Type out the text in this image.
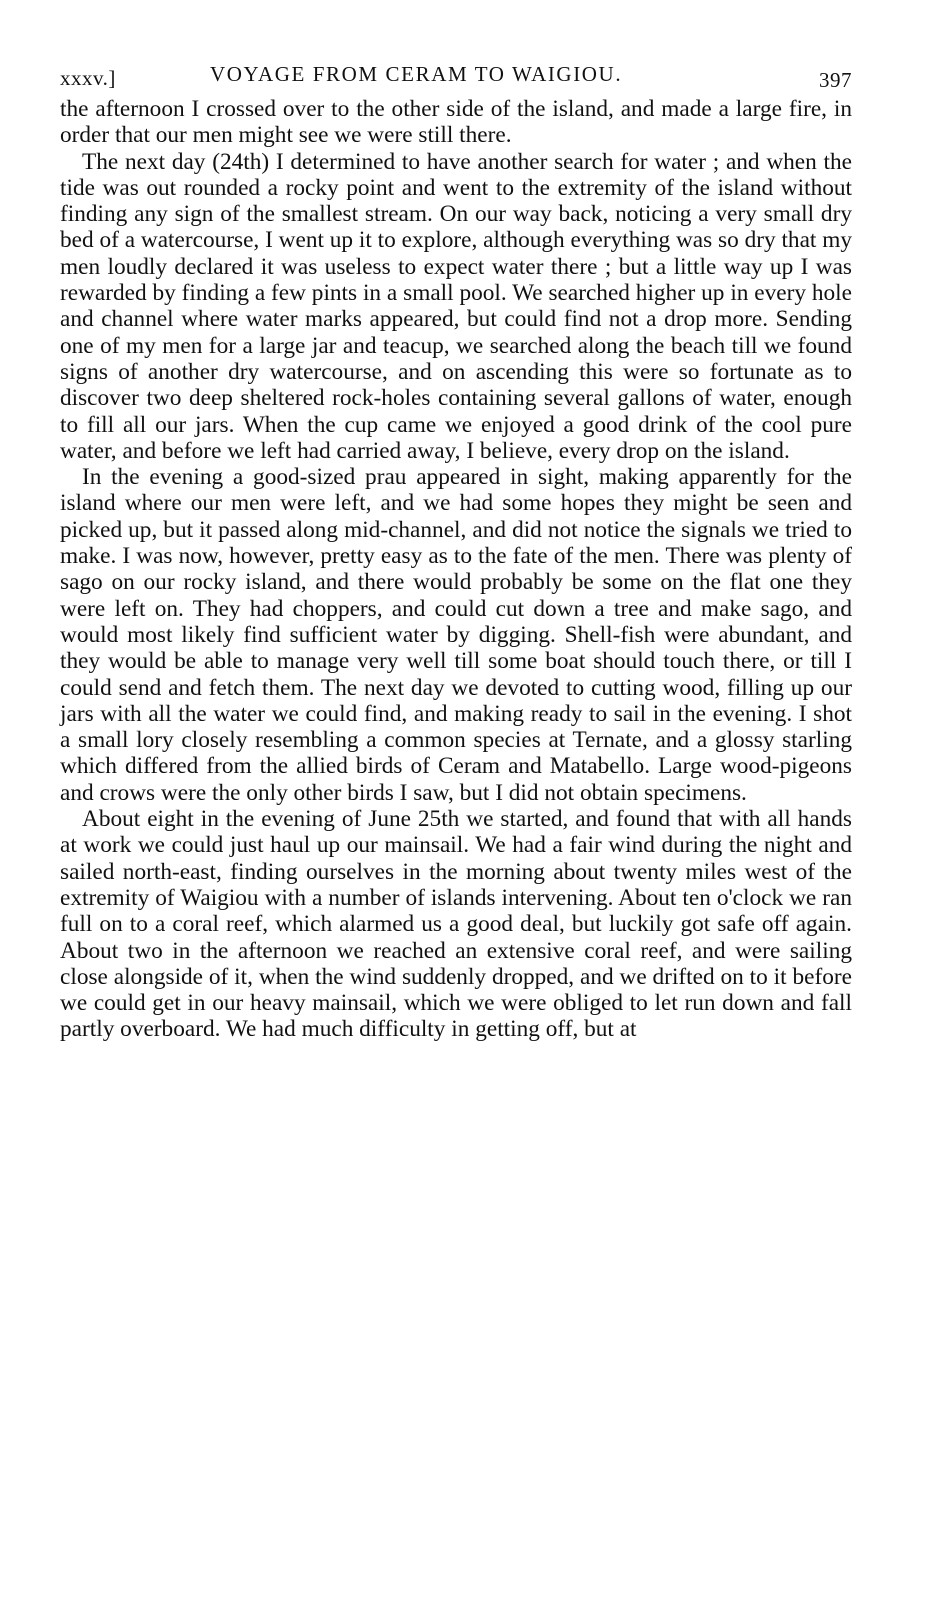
xxxv.]	VOYAGE FROM CERAM TO WAIGIOU.	397

the afternoon I crossed over to the other side of the island, and made a large fire, in order that our men might see we were still there.

The next day (24th) I determined to have another search for water ; and when the tide was out rounded a rocky point and went to the extremity of the island without finding any sign of the smallest stream. On our way back, noticing a very small dry bed of a watercourse, I went up it to explore, although everything was so dry that my men loudly declared it was useless to expect water there ; but a little way up I was rewarded by finding a few pints in a small pool. We searched higher up in every hole and channel where water marks appeared, but could find not a drop more. Sending one of my men for a large jar and teacup, we searched along the beach till we found signs of another dry watercourse, and on ascending this were so fortunate as to discover two deep sheltered rock-holes containing several gallons of water, enough to fill all our jars. When the cup came we enjoyed a good drink of the cool pure water, and before we left had carried away, I believe, every drop on the island.

In the evening a good-sized prau appeared in sight, making apparently for the island where our men were left, and we had some hopes they might be seen and picked up, but it passed along mid-channel, and did not notice the signals we tried to make. I was now, however, pretty easy as to the fate of the men. There was plenty of sago on our rocky island, and there would probably be some on the flat one they were left on. They had choppers, and could cut down a tree and make sago, and would most likely find sufficient water by digging. Shell-fish were abundant, and they would be able to manage very well till some boat should touch there, or till I could send and fetch them. The next day we devoted to cutting wood, filling up our jars with all the water we could find, and making ready to sail in the evening. I shot a small lory closely resembling a common species at Ternate, and a glossy starling which differed from the allied birds of Ceram and Matabello. Large wood-pigeons and crows were the only other birds I saw, but I did not obtain specimens.

About eight in the evening of June 25th we started, and found that with all hands at work we could just haul up our mainsail. We had a fair wind during the night and sailed north-east, finding ourselves in the morning about twenty miles west of the extremity of Waigiou with a number of islands intervening. About ten o'clock we ran full on to a coral reef, which alarmed us a good deal, but luckily got safe off again. About two in the afternoon we reached an extensive coral reef, and were sailing close alongside of it, when the wind suddenly dropped, and we drifted on to it before we could get in our heavy mainsail, which we were obliged to let run down and fall partly overboard. We had much difficulty in getting off, but at
